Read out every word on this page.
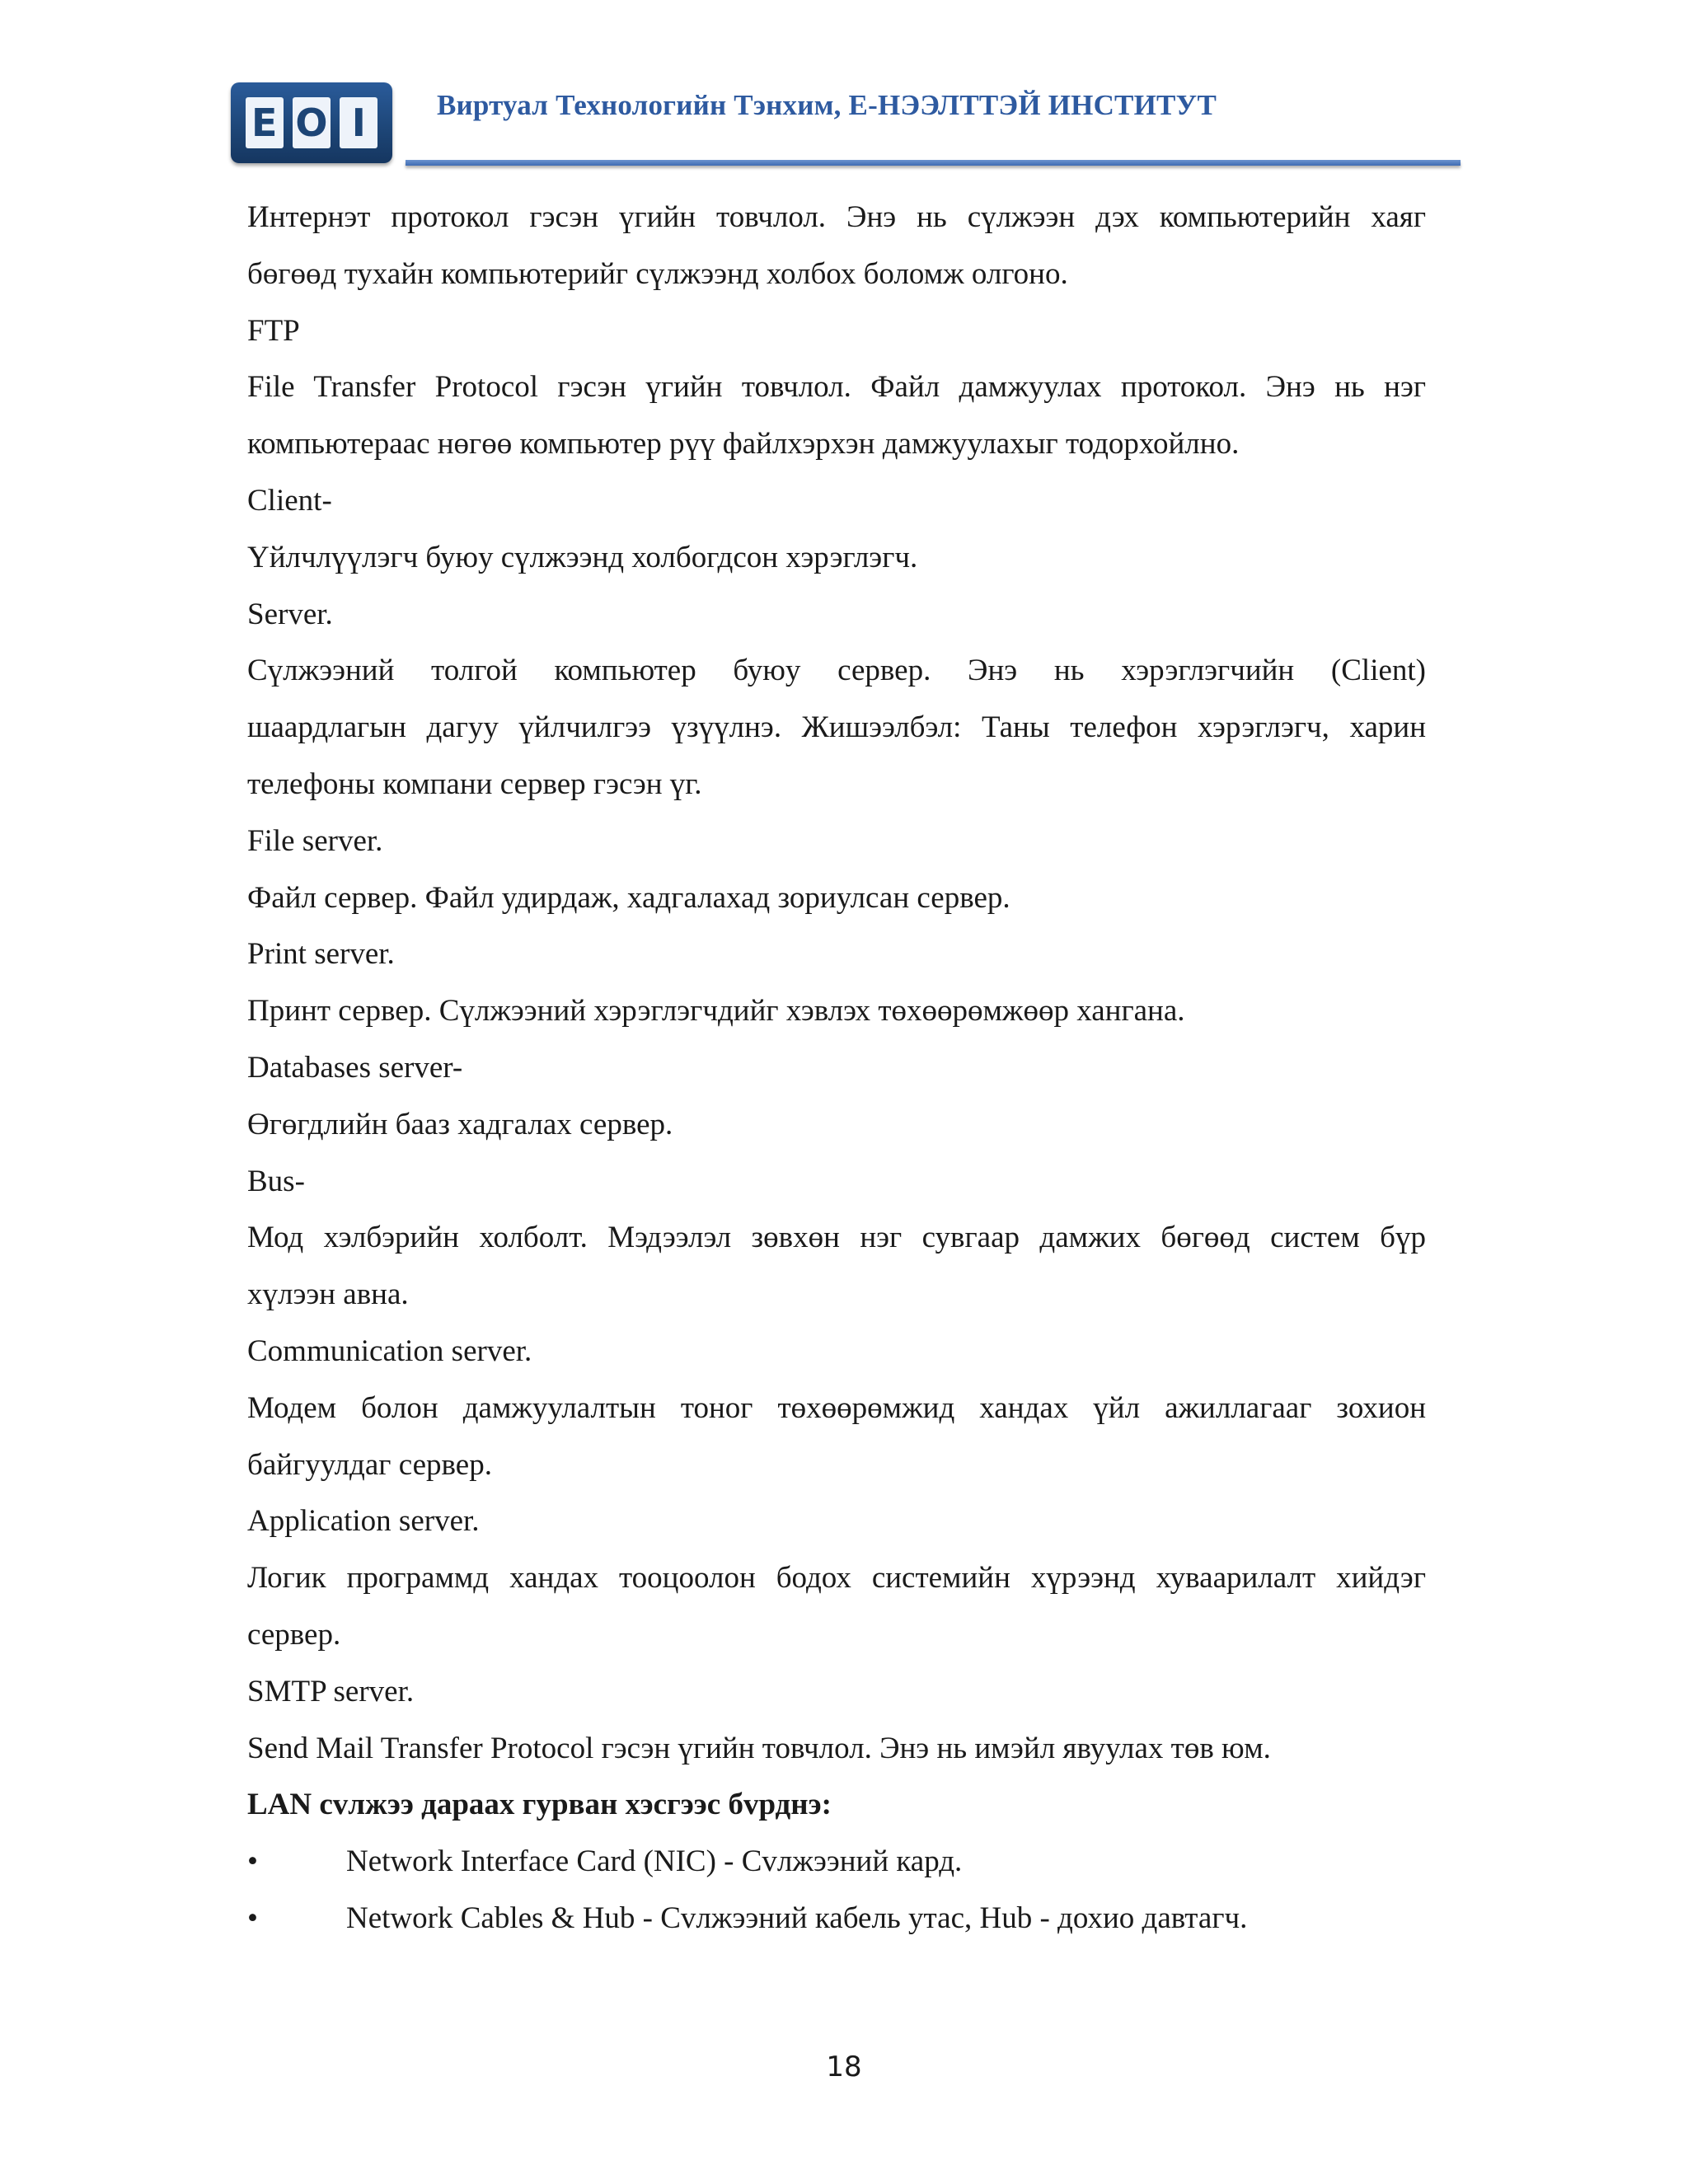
E O I	Виртуал Технологийн Тэнхим, Е-НЭЭЛТТЭЙ ИНСТИТУТ

Интернэт протокол гэсэн үгийн товчлол. Энэ нь сүлжээн дэх компьютерийн хаяг

бөгөөд тухайн компьютерийг сүлжээнд холбох боломж олгоно.

FTP

File Transfer Protocol гэсэн үгийн товчлол. Файл дамжуулах протокол. Энэ нь нэг

компьютераас нөгөө компьютер рүү файлхэрхэн дамжуулахыг тодорхойлно.

Client-

Үйлчлүүлэгч буюу сүлжээнд холбогдсон хэрэглэгч.

Server.

Сүлжээний толгой компьютер буюу сервер. Энэ нь хэрэглэгчийн (Client)

шаардлагын дагуу үйлчилгээ үзүүлнэ. Жишээлбэл: Таны телефон хэрэглэгч, харин

телефоны компани сервер гэсэн үг.

File server.

Файл сервер. Файл удирдаж, хадгалахад зориулсан сервер.

Print server.

Принт сервер. Сүлжээний хэрэглэгчдийг хэвлэх төхөөрөмжөөр хангана.

Databases server-

Өгөгдлийн бааз хадгалах сервер.

Bus-

Мод хэлбэрийн холболт. Мэдээлэл зөвхөн нэг сувгаар дамжих бөгөөд систем бүр

хүлээн авна.

Communication server.

Модем болон дамжуулалтын тоног төхөөрөмжид хандах үйл ажиллагааг зохион

байгуулдаг сервер.

Application server.

Логик программд хандах тооцоолон бодох системийн хүрээнд хуваарилалт хийдэг

сервер.

SMTP server.

Send Mail Transfer Protocol гэсэн үгийн товчлол. Энэ нь имэйл явуулах төв юм.

LAN cvлжээ дараах гурван хэсгээс бvрднэ:

•	Network Interface Card (NIC) - Cvлжээний кард.
•	Network Cables & Hub - Cvлжээний кабель утас, Hub - дохио давтагч.
18
